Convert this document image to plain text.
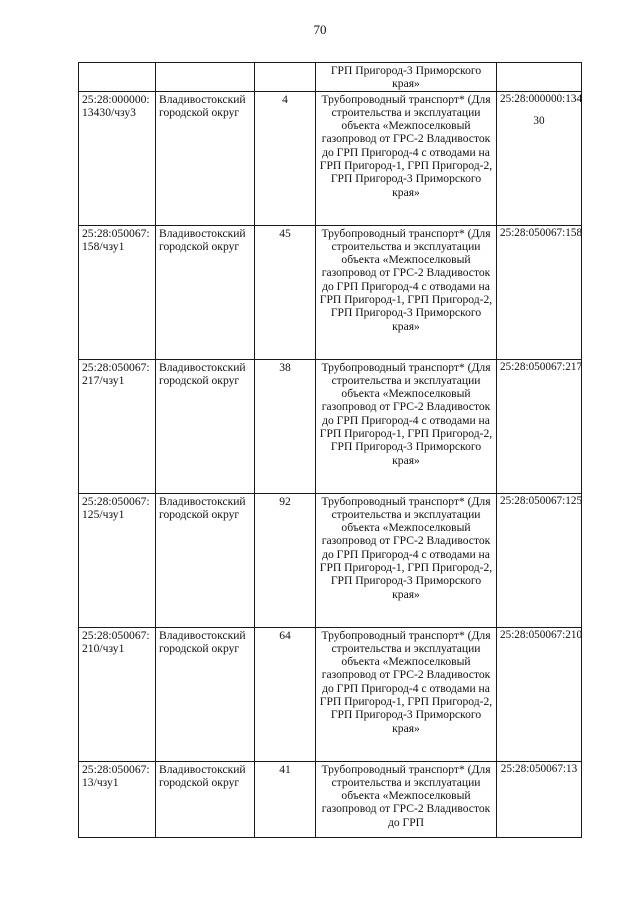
70
			ГРП Пригород-3 Приморского края»	
25:28:000000:13430/чзу3	Владивостокский городской округ	4	Трубопроводный транспорт* (Для строительства и эксплуатации объекта «Межпоселковый газопровод от ГРС-2 Владивосток до ГРП Пригород-4 с отводами на ГРП Пригород-1, ГРП Пригород-2, ГРП Пригород-3 Приморского края»	25:28:000000:134
30

25:28:050067:158/чзу1	Владивостокский городской округ	45	Трубопроводный транспорт* (Для строительства и эксплуатации объекта «Межпоселковый газопровод от ГРС-2 Владивосток до ГРП Пригород-4 с отводами на ГРП Пригород-1, ГРП Пригород-2, ГРП Пригород-3 Приморского края»	25:28:050067:158
25:28:050067:217/чзу1	Владивостокский городской округ	38	Трубопроводный транспорт* (Для строительства и эксплуатации объекта «Межпоселковый газопровод от ГРС-2 Владивосток до ГРП Пригород-4 с отводами на ГРП Пригород-1, ГРП Пригород-2, ГРП Пригород-3 Приморского края»	25:28:050067:217
25:28:050067:125/чзу1	Владивостокский городской округ	92	Трубопроводный транспорт* (Для строительства и эксплуатации объекта «Межпоселковый газопровод от ГРС-2 Владивосток до ГРП Пригород-4 с отводами на ГРП Пригород-1, ГРП Пригород-2, ГРП Пригород-3 Приморского края»	25:28:050067:125
25:28:050067:210/чзу1	Владивостокский городской округ	64	Трубопроводный транспорт* (Для строительства и эксплуатации объекта «Межпоселковый газопровод от ГРС-2 Владивосток до ГРП Пригород-4 с отводами на ГРП Пригород-1, ГРП Пригород-2, ГРП Пригород-3 Приморского края»	25:28:050067:210
25:28:050067:13/чзу1	Владивостокский городской округ	41	Трубопроводный транспорт* (Для строительства и эксплуатации объекта «Межпоселковый газопровод от ГРС-2 Владивосток до ГРП	25:28:050067:13
